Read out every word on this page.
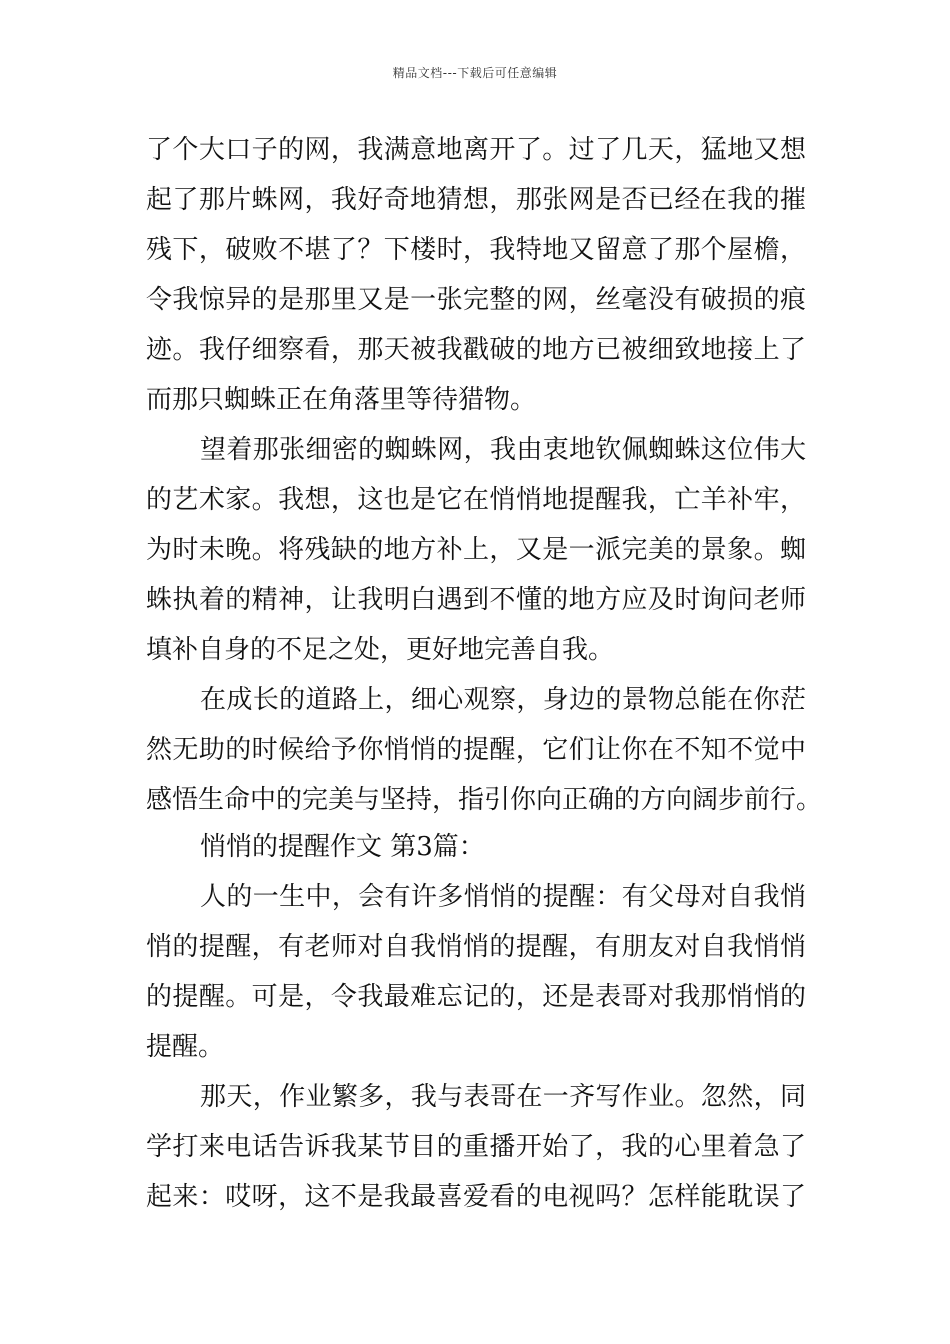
精品文档---下载后可任意编辑
了个大口子的网，我满意地离开了。过了几天，猛地又想
起了那片蛛网，我好奇地猜想，那张网是否已经在我的摧
残下，破败不堪了？下楼时，我特地又留意了那个屋檐，
令我惊异的是那里又是一张完整的网，丝毫没有破损的痕
迹。我仔细察看，那天被我戳破的地方已被细致地接上了
而那只蜘蛛正在角落里等待猎物。
望着那张细密的蜘蛛网，我由衷地钦佩蜘蛛这位伟大
的艺术家。我想，这也是它在悄悄地提醒我，亡羊补牢，
为时未晚。将残缺的地方补上，又是一派完美的景象。蜘
蛛执着的精神，让我明白遇到不懂的地方应及时询问老师
填补自身的不足之处，更好地完善自我。
在成长的道路上，细心观察，身边的景物总能在你茫
然无助的时候给予你悄悄的提醒，它们让你在不知不觉中
感悟生命中的完美与坚持，指引你向正确的方向阔步前行。
悄悄的提醒作文 第3篇：
人的一生中，会有许多悄悄的提醒：有父母对自我悄
悄的提醒，有老师对自我悄悄的提醒，有朋友对自我悄悄
的提醒。可是，令我最难忘记的，还是表哥对我那悄悄的
提醒。
那天，作业繁多，我与表哥在一齐写作业。忽然，同
学打来电话告诉我某节目的重播开始了，我的心里着急了
起来：哎呀，这不是我最喜爱看的电视吗？怎样能耽误了
